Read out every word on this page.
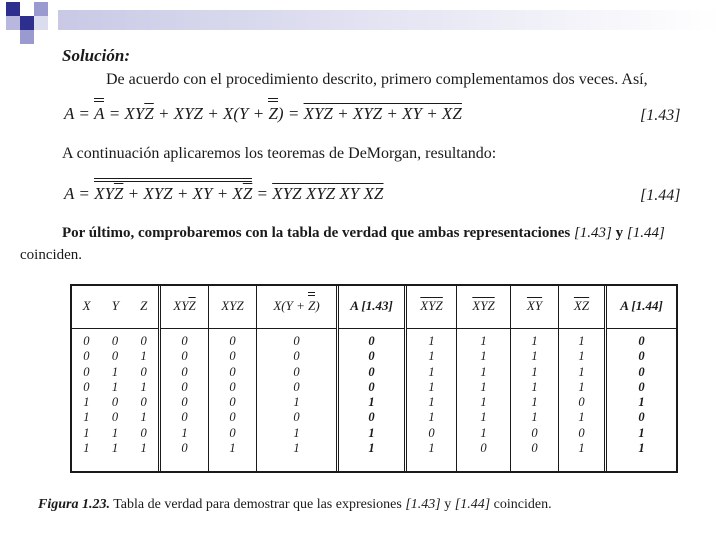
Solución:
De acuerdo con el procedimiento descrito, primero complementamos dos veces. Así,
$A = A = XY\overline{Z}$ + XYZ + X(Y + Z) = XYZ + XYZ + XY + XZ	[1.43]
A continuación aplicaremos los teoremas de DeMorgan, resultando:
$A = XY\overline{Z}$ + XYZ + XY + $X\overline{Z}$ = XYZ XYZ XY XZ	[1.44]
Por último, comprobaremos con la tabla de verdad que ambas representaciones [1.43] y [1.44]
coinciden.
X Y Z
0
0
0
0
1
1
1
1
0
0
1
1
0
0
1
1
0
1
0
1
0
1
0
1
$XY\overline{Z}$
0
0
0
0
0
0
1
0
XYZ
0
0
0
0
0
0
0
1
X(Y + Z)
0
0
0
0
1
0
1
1
A [1.43]
0
0
0
0
1
0
1
1
XYZ
1
1
1
1
1
1
0
1
$\overline{XYZ}$
1
1
1
1
1
1
1
0
$\overline{XY}$
1
1
1
1
1
1
0
0
XZ
1
1
1
1
0
1
0
1
A [1.44]
0
0
0
0
1
0
1
1
Figura 1.23. Tabla de verdad para demostrar que las expresiones [1.43] y [1.44] coinciden.
